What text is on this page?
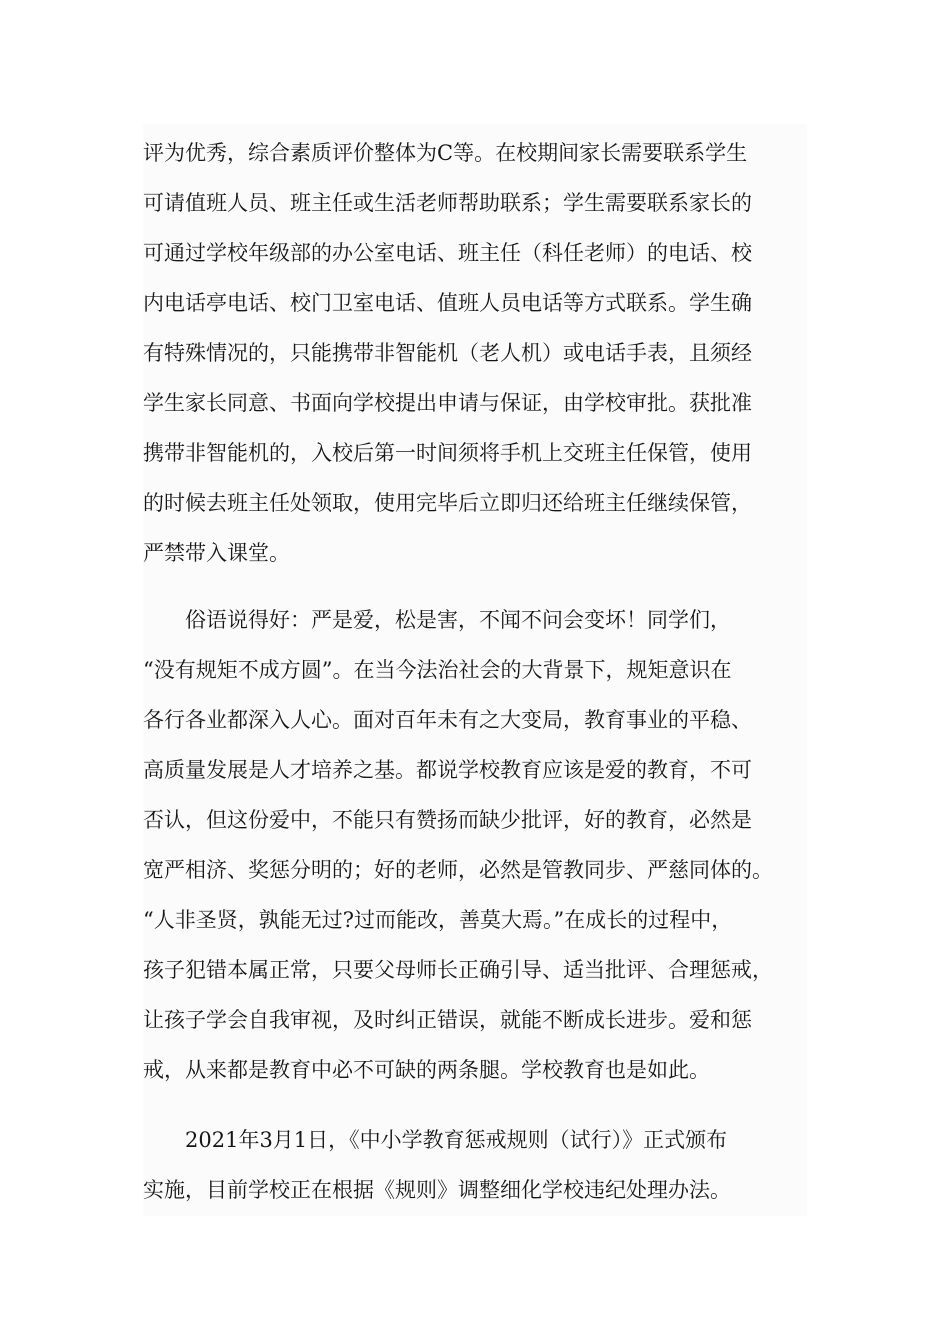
评为优秀，综合素质评价整体为C等。在校期间家长需要联系学生
可请值班人员、班主任或生活老师帮助联系；学生需要联系家长的
可通过学校年级部的办公室电话、班主任（科任老师）的电话、校
内电话亭电话、校门卫室电话、值班人员电话等方式联系。学生确
有特殊情况的，只能携带非智能机（老人机）或电话手表，且须经
学生家长同意、书面向学校提出申请与保证，由学校审批。获批准
携带非智能机的，入校后第一时间须将手机上交班主任保管，使用
的时候去班主任处领取，使用完毕后立即归还给班主任继续保管，
严禁带入课堂。
　　俗语说得好：严是爱，松是害，不闻不问会变坏！同学们，
“没有规矩不成方圆”。在当今法治社会的大背景下，规矩意识在
各行各业都深入人心。面对百年未有之大变局，教育事业的平稳、
高质量发展是人才培养之基。都说学校教育应该是爱的教育，不可
否认，但这份爱中，不能只有赞扬而缺少批评，好的教育，必然是
宽严相济、奖惩分明的；好的老师，必然是管教同步、严慈同体的。
“人非圣贤，孰能无过?过而能改，善莫大焉。”在成长的过程中，
孩子犯错本属正常，只要父母师长正确引导、适当批评、合理惩戒，
让孩子学会自我审视，及时纠正错误，就能不断成长进步。爱和惩
戒，从来都是教育中必不可缺的两条腿。学校教育也是如此。
　　2021年3月1日，《中小学教育惩戒规则（试行）》正式颁布
实施，目前学校正在根据《规则》调整细化学校违纪处理办法。
